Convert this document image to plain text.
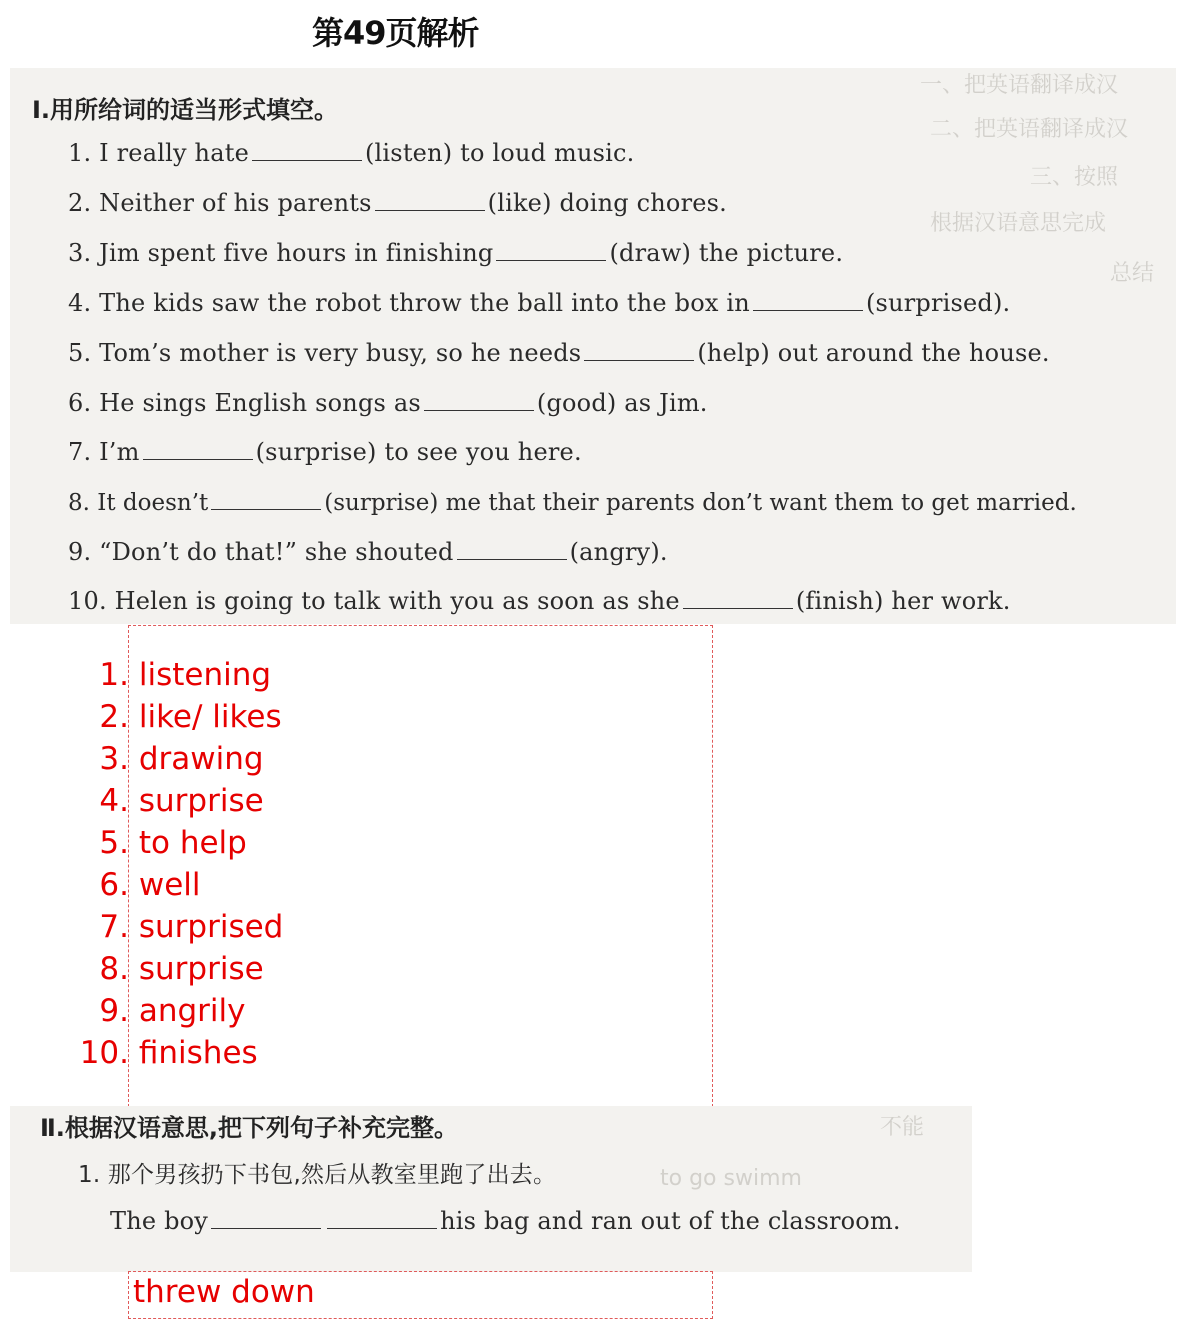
第49页解析
一、把英语翻译成汉
二、把英语翻译成汉
三、按照
根据汉语意思完成
总结
Ⅰ.用所给词的适当形式填空。
1. I really hate	(listen) to loud music.
2. Neither of his parents	(like) doing chores.
3. Jim spent five hours in finishing	(draw) the picture.
4. The kids saw the robot throw the ball into the box in	(surprised).
5. Tom’s mother is very busy, so he needs	(help) out around the house.
6. He sings English songs as	(good) as Jim.
7. I’m	(surprise) to see you here.
8. It doesn’t	(surprise) me that their parents don’t want them to get married.
9. “Don’t do that!” she shouted	(angry).
10. Helen is going to talk with you as soon as she	(finish) her work.
1. listening
2. like/ likes
3. drawing
4. surprise
5. to help
6. well
7. surprised
8. surprise
9. angrily
10. finishes
不能
to go swimm
Ⅱ.根据汉语意思,把下列句子补充完整。
1. 那个男孩扔下书包,然后从教室里跑了出去。
The boy	his bag and ran out of the classroom.
threw down
